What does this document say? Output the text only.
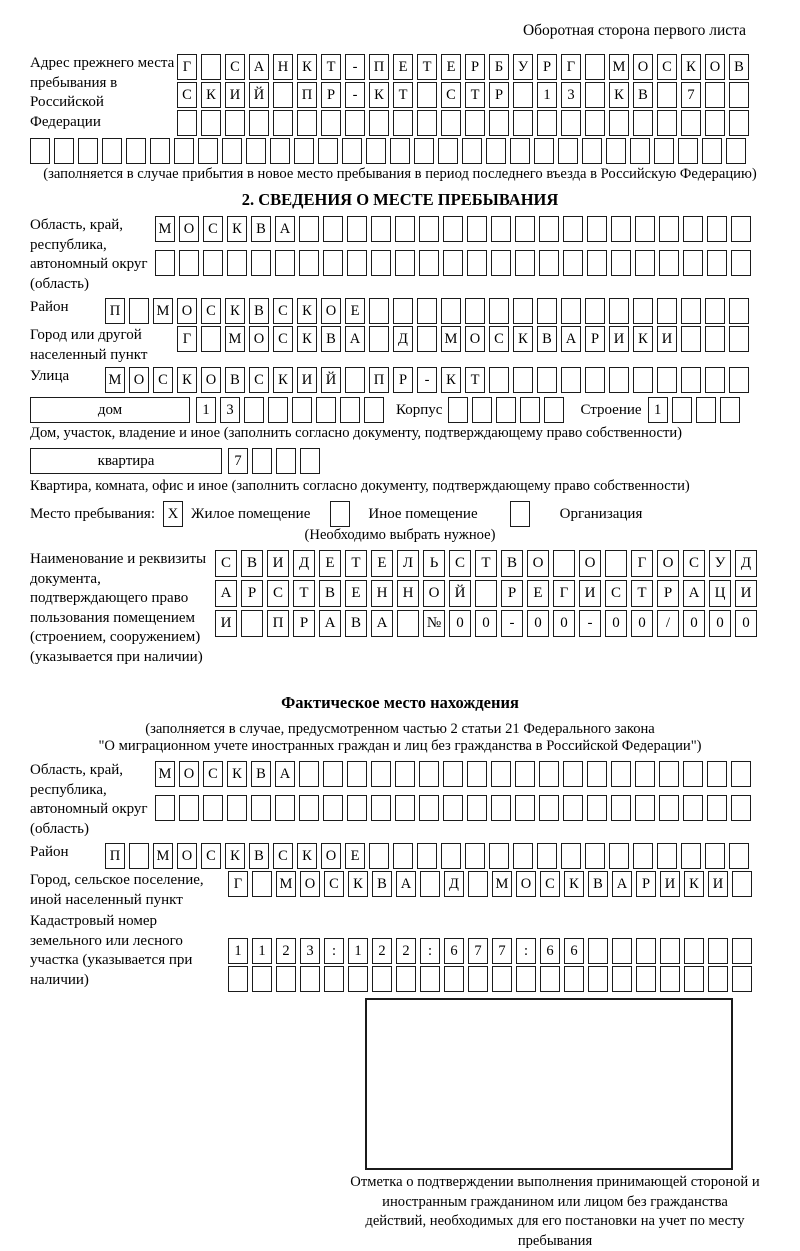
Оборотная сторона первого листа
Адрес прежнего места пребывания в Российской Федерации
Г	С А Н К	Т	-	П Е	Т	Е	Р	Б	У	Р	Г	М О С К О В
С К И Й	П	Р	-	К	Т	С	Т	Р	1	3	К В	7
(заполняется в случае прибытия в новое место пребывания в период последнего въезда в Российскую Федерацию)
2. СВЕДЕНИЯ О МЕСТЕ ПРЕБЫВАНИЯ
Область, край, республика, автономный округ (область)
М О С К В А
Район	П	М О С К В С К О Е
Город или другой населенный пункт
Г	М О С К В А	Д	М О С К В А	Р	И К И
Улица	М О С К О В С К И Й	П	Р	-	К	Т
дом	1	3	Корпус	Строение 1
Дом, участок, владение и иное (заполнить согласно документу, подтверждающему право собственности)
квартира	7
Квартира, комната, офис и иное (заполнить согласно документу, подтверждающему право собственности)
Место пребывания: X Жилое помещение	Иное помещение	Организация
(Необходимо выбрать нужное)
Наименование и реквизиты документа, подтверждающего право пользования помещением (строением, сооружением) (указывается при наличии)
С	В	И	Д	Е	Т	Е	Л	Ь	С	Т	В	О	О	Г	О	С	У	Д
А	Р	С	Т	В	Е	Н	Н	О	Й	Р	Е	Г	И	С	Т	Р	А	Ц	И
И	П	Р	А	В	А	№	0	0	-	0	0	-	0	0	/	0	0	0
Фактическое место нахождения
(заполняется в случае, предусмотренном частью 2 статьи 21 Федерального закона
"О миграционном учете иностранных граждан и лиц без гражданства в Российской Федерации")
Область, край, республика, автономный округ (область)
М О С К В А
Район	П	М О С К В С К О Е
Город, сельское поселение, иной населенный пункт
Г	М О С К В А	Д	М О С К В А	Р	И К И
Кадастровый номер земельного или лесного участка (указывается при наличии)
1	1	2	3	:	1	2	2	:	6	7	7	:	6	6
Отметка о подтверждении выполнения принимающей стороной и иностранным гражданином или лицом без гражданства действий, необходимых для его постановки на учет по месту пребывания
